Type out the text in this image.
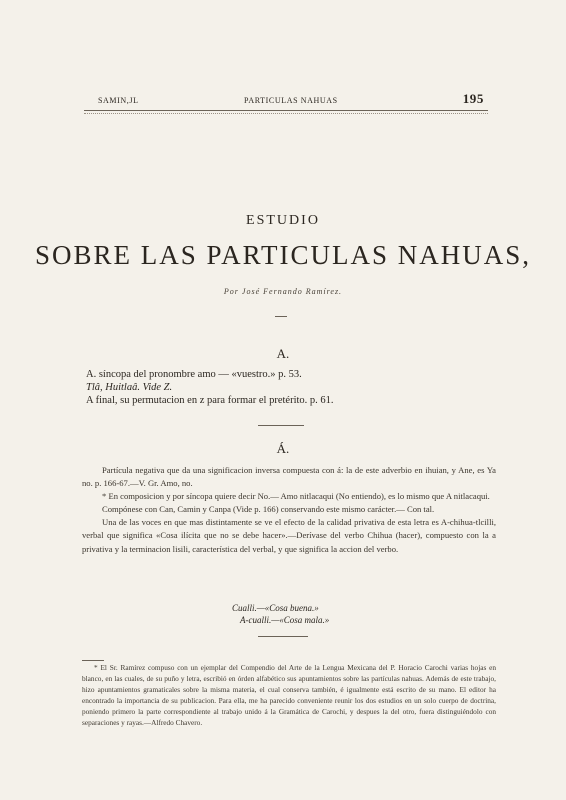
SAMIN,JL	PARTICULAS NAHUAS	195
ESTUDIO
SOBRE LAS PARTICULAS NAHUAS,
Por José Fernando Ramírez.
A.
A. síncopa del pronombre amo — «vuestro.» p. 53.
Tlâ, Huitlaâ. Vide Z.
A final, su permutacion en z para formar el pretérito. p. 61.
Á.

Partícula negativa que da una significacion inversa compuesta con á: la de este adverbio en ihuian, y Ane, es Ya no. p. 166-67.—V. Gr. Amo, no.

* En composicion y por síncopa quiere decir No.— Amo nitlacaqui (No entiendo), es lo mismo que A nitlacaqui.

Compónese con Can, Camin y Canpa (Vide p. 166) conservando este mismo carácter.— Con tal.

Una de las voces en que mas distintamente se ve el efecto de la calidad privativa de esta letra es A-chihua-tlcilli, verbal que significa «Cosa ilícita que no se debe hacer».—Derívase del verbo Chihua (hacer), compuesto con la a privativa y la terminacion lisili, característica del verbal, y que significa la accion del verbo.

Cualli.—«Cosa buena.»
A-cualli.—«Cosa mala.»

* El Sr. Ramírez compuso con un ejemplar del Compendio del Arte de la Lengua Mexicana del P. Horacio Carochi varias hojas en blanco, en las cuales, de su puño y letra, escribió en órden alfabético sus apuntamientos sobre las partículas nahuas. Además de este trabajo, hizo apuntamientos gramaticales sobre la misma materia, el cual conserva también, é igualmente está escrito de su mano. El editor ha encontrado la importancia de su publicacion. Para ella, me ha parecido conveniente reunir los dos estudios en un solo cuerpo de doctrina, poniendo primero la parte correspondiente al trabajo unido á la Gramática de Carochi, y despues la del otro, fuera distinguiéndolo con separaciones y rayas.—Alfredo Chavero.
